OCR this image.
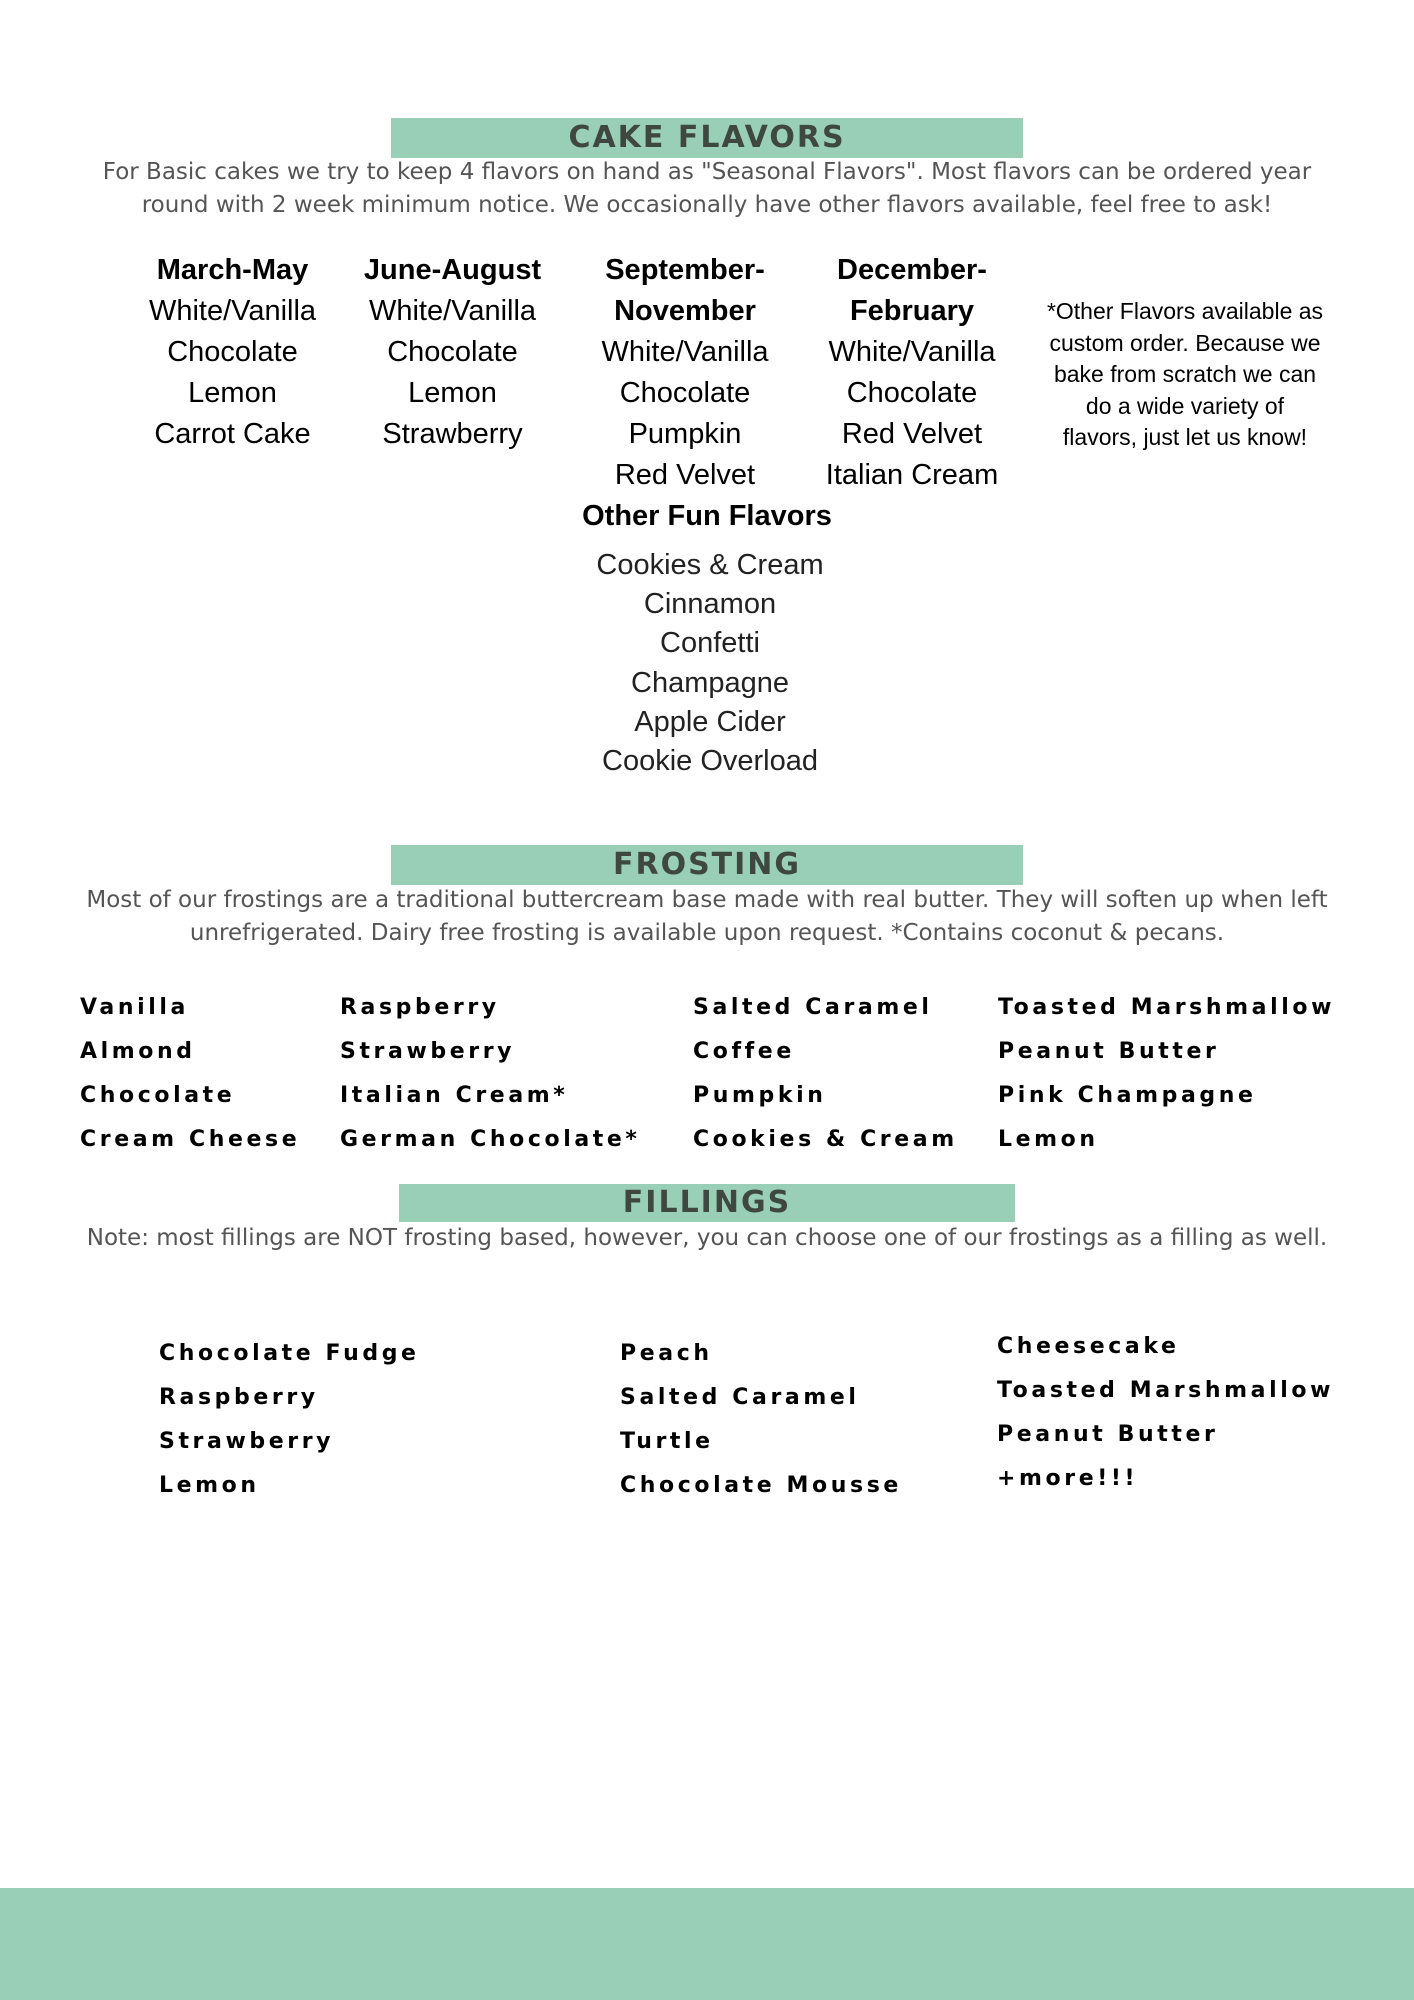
CAKE FLAVORS
For Basic cakes we try to keep 4 flavors on hand as "Seasonal Flavors". Most flavors can be ordered year
round with 2 week minimum notice. We occasionally have other flavors available, feel free to ask!
March-May
White/Vanilla
Chocolate
Lemon
Carrot Cake
June-August
White/Vanilla
Chocolate
Lemon
Strawberry
September-
November
White/Vanilla
Chocolate
Pumpkin
Red Velvet
December-
February
White/Vanilla
Chocolate
Red Velvet
Italian Cream
*Other Flavors available as
custom order. Because we
bake from scratch we can
do a wide variety of
flavors, just let us know!
Other Fun Flavors
Cookies & Cream
Cinnamon
Confetti
Champagne
Apple Cider
Cookie Overload
FROSTING
Most of our frostings are a traditional buttercream base made with real butter. They will soften up when left
unrefrigerated. Dairy free frosting is available upon request. *Contains coconut & pecans.
Vanilla
Almond
Chocolate
Cream Cheese
Raspberry
Strawberry
Italian Cream*
German Chocolate*
Salted Caramel
Coffee
Pumpkin
Cookies & Cream
Toasted Marshmallow
Peanut Butter
Pink Champagne
Lemon
FILLINGS
Note: most fillings are NOT frosting based, however, you can choose one of our frostings as a filling as well.
Chocolate Fudge
Raspberry
Strawberry
Lemon
Peach
Salted Caramel
Turtle
Chocolate Mousse
Cheesecake
Toasted Marshmallow
Peanut Butter
+more!!!
